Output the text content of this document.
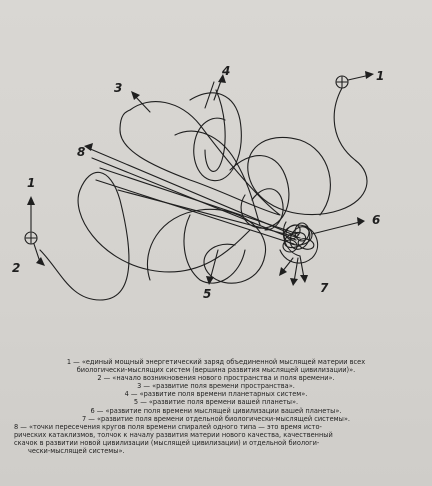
1
1
2
3
4
5
6
7
8
1 — «единый мощный энергетический заряд объединенной мыслящей материи всех
биологически-мыслящих систем (вершина развития мыслящей цивилизации)».
2 — «начало возникновения нового пространства и поля времени».
3 — «развитие поля времени пространства».
4 — «развитие поля времени планетарных систем».
5 — «развитие поля времени вашей планеты».
6 — «развитие поля времени мыслящей цивилизации вашей планеты».
7 — «развитие поля времени отдельной биологически-мыслящей системы».
8 — «точки пересечения кругов поля времени спиралей одного типа — это время исто-
рических катаклизмов, толчок к началу развития материи нового качества, качественный
скачок в развитии новой цивилизации (мыслящей цивилизации) и отдельной биологи-
чески-мыслящей системы».
